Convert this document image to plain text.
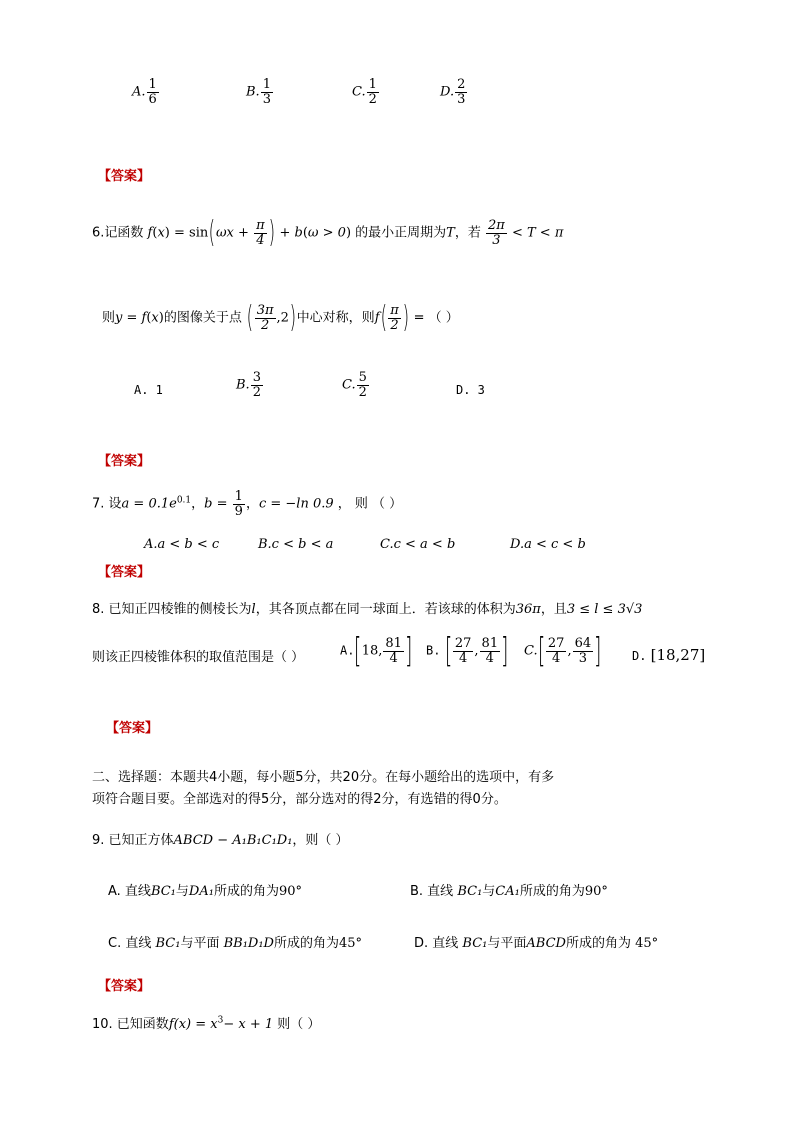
A. $\frac{1}{6}$	B. $\frac{1}{3}$	C. $\frac{1}{2}$	D. $\frac{2}{3}$
【答案】
6.记函数 $f(x) = \sin(\omega x + \frac{\pi}{4}$ ) + b(ω > 0) 的最小正周期为T，若 $\frac{2\pi}{3} < T < \pi$
则y = f(x)的图像关于点 ( $\frac{3\pi}{2} ,2$)中心对称，则$f( \frac{\pi}{2}$ ) = （ ）
A. 1	B. $\frac{3}{2}$	C. $\frac{5}{2}$	D. 3
【答案】
7. 设$a = 0.1e^{0.1}$，$b = \frac{1}{9}$ ，c = −ln 0.9 ， 则 （ ）
A.a < b < c	B.c < b < a	C.c < a < b	D.a < c < b
【答案】
8. 已知正四棱锥的侧棱长为l，其各顶点都在同一球面上．若该球的体积为36π，且3 ≤ l ≤ 3√3
则该正四棱锥体积的取值范围是（ ）	A.[18, $\frac{81}{4}$ ] B. [ $\frac{27}{4}$ , $\frac{81}{4}$ ] $C.[ \frac{27}{4}$ , $\frac{64}{3}$ ]	D. [18,27]
【答案】
二、选择题：本题共4小题，每小题5分，共20分。在每小题给出的选项中，有多
项符合题目要。全部选对的得5分，部分选对的得2分，有选错的得0分。
9. 已知正方体ABCD − A₁B₁C₁D₁，则（ ）
A. 直线BC₁与DA₁所成的角为90°	B. 直线 BC₁与CA₁所成的角为90°
C. 直线 BC₁与平面 BB₁D₁D所成的角为45°	D. 直线 BC₁与平面ABCD所成的角为 45°
【答案】
10. 已知函数$f(x) = x^3- x + 1$ 则（ ）
